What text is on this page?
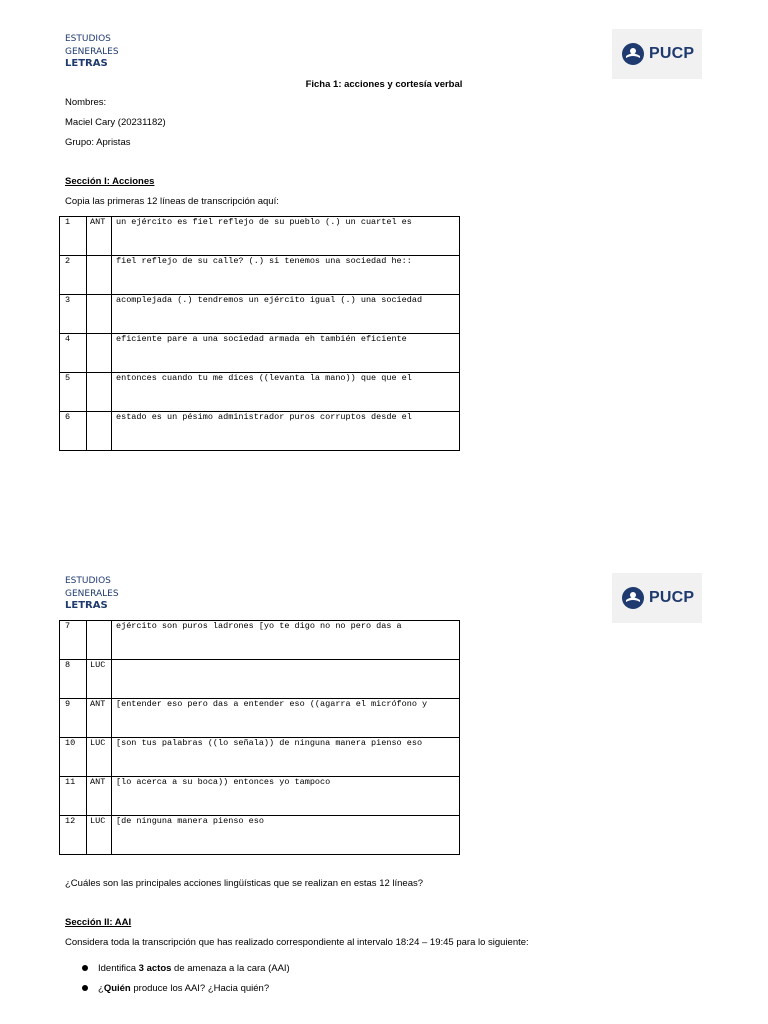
ESTUDIOS
GENERALES
LETRAS
PUCP
Ficha 1: acciones y cortesía verbal
Nombres:
Maciel Cary (20231182)
Grupo: Apristas
Sección I: Acciones
Copia las primeras 12 líneas de transcripción aquí:
1	ANT	un ejército es fiel reflejo de su pueblo (.) un cuartel es
2		fiel reflejo de su calle? (.) si tenemos una sociedad he::
3		acomplejada (.) tendremos un ejército igual (.) una sociedad
4		eficiente pare a una sociedad armada eh también eficiente
5		entonces cuando tu me dices ((levanta la mano)) que que el
6		estado es un pésimo administrador puros corruptos desde el
ESTUDIOS
GENERALES
LETRAS	PUCP
7		ejército son puros ladrones [yo te digo no no pero das a
8	LUC	
9	ANT	[entender eso pero das a entender eso ((agarra el micrófono y
10	LUC	[son tus palabras ((lo señala)) de ninguna manera pienso eso
11	ANT	[lo acerca a su boca)) entonces yo tampoco
12	LUC	[de ninguna manera pienso eso
¿Cuáles son las principales acciones lingüísticas que se realizan en estas 12 líneas?
Sección II: AAI
Considera toda la transcripción que has realizado correspondiente al intervalo 18:24 – 19:45 para lo siguiente:
Identifica 3 actos de amenaza a la cara (AAI)
¿Quién produce los AAI? ¿Hacia quién?
